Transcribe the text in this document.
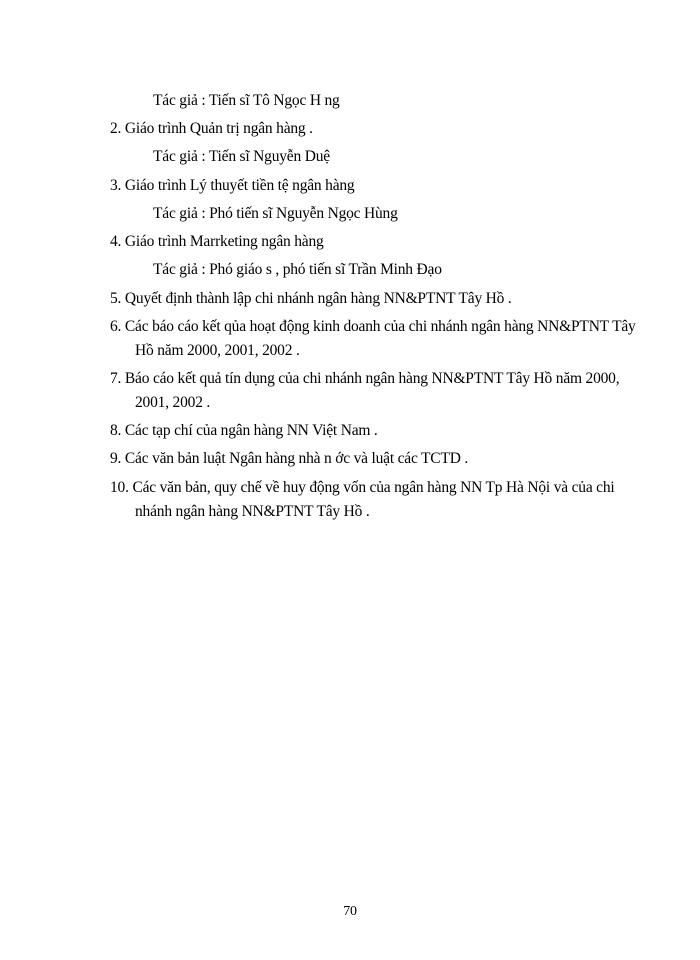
Tác giả : Tiến sĩ Tô Ngọc H ng
2. Giáo trình Quản trị ngân hàng .
Tác giả : Tiến sĩ Nguyễn Duệ
3. Giáo trình Lý thuyết tiền tệ ngân hàng
Tác giả : Phó tiến sĩ Nguyễn Ngọc Hùng
4. Giáo trình Marrketing ngân hàng
Tác giả : Phó giáo s , phó tiến sĩ Trần Minh Đạo
5. Quyết định thành lập chi nhánh ngân hàng NN&PTNT Tây Hồ .
6. Các báo cáo kết qủa hoạt động kinh doanh của chi nhánh ngân hàng NN&PTNT Tây
Hồ năm 2000, 2001, 2002 .
7. Báo cáo kết quả tín dụng của chi nhánh ngân hàng NN&PTNT Tây Hồ năm 2000,
2001, 2002 .
8. Các tạp chí của ngân hàng NN Việt Nam .
9. Các văn bản luật Ngân hàng nhà n ớc và luật các TCTD .
10. Các văn bản, quy chế về huy động vốn của ngân hàng NN Tp Hà Nội và của chi
nhánh ngân hàng NN&PTNT Tây Hồ .
70
